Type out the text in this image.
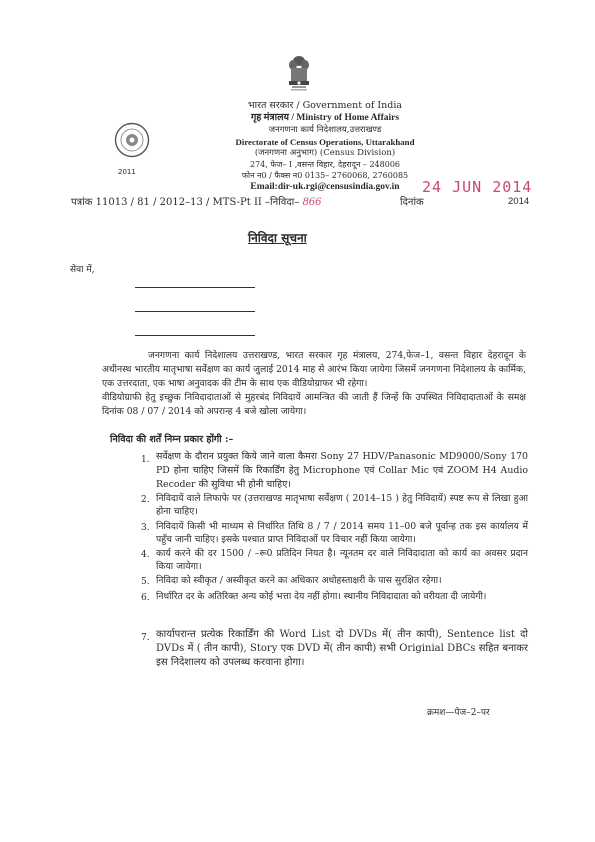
भारत सरकार / Government of India
गृह मंत्रालय / Ministry of Home Affairs
जनगणना कार्य निदेशालय,उत्तराखण्ड
Directorate of Census Operations, Uttarakhand
(जनगणना अनुभाग) (Census Division)
274, फेज– I ,वसन्त विहार, देहरादून – 248006
फोन न0 / फैक्स न0 0135– 2760068, 2760085
Email:dir-uk.rgi@censusindia.gov.in
2011
24 JUN 2014
पत्रांक 11013 / 81 / 2012–13 / MTS-Pt II –निविदा– 866	दिनांक	2014
निविदा सूचना
सेवा में,
जनगणना कार्य निदेशालय उत्तराखण्ड, भारत सरकार गृह मंत्रालय, 274,फेज–1, वसन्त विहार देहरादून के अधीनस्थ भारतीय मातृभाषा सर्वेक्षण का कार्य जुलाई 2014 माह से आरंभ किया जायेगा जिसमें जनगणना निदेशालय के कार्मिक, एक उत्तरदाता, एक भाषा अनुवादक की टीम के साथ एक वीडियोग्राफर भी रहेगा।
वीडियोग्राफी हेतु इच्छुक निविदादाताओं से मुहरबंद निविदायें आमन्त्रित की जाती हैं जिन्हें कि उपस्थित निविदादाताओं के समक्ष दिनांक 08 / 07 / 2014 को अपरान्ह 4 बजे खोला जायेगा।
निविदा की शर्तें निम्न प्रकार होंगी :–
1. सर्वेक्षण के दौरान प्रयुक्त किये जाने वाला कैमरा Sony 27 HDV/Panasonic MD9000/Sony 170 PD होना चाहिए जिसमें कि रिकार्डिंग हेतु Microphone एवं Collar Mic एवं ZOOM H4 Audio Recoder की सुविधा भी होनी चाहिए।
2. निविदायें वाले लिफाफे पर (उत्तराखण्ड मातृभाषा सर्वेक्षण ( 2014–15 ) हेतु निविदायें) स्पष्ट रूप से लिखा हुआ होना चाहिए।
3. निविदायें किसी भी माध्यम से निर्धारित तिथि 8 / 7 / 2014 समय 11–00 बजे पूर्वान्ह तक इस कार्यालय में पहुँच जानी चाहिए। इसके पश्चात प्राप्त निविदाओं पर विचार नहीं किया जायेगा।
4. कार्य करने की दर 1500 / –रू0 प्रतिदिन नियत है। न्यूनतम दर वाले निविदादाता को कार्य का अवसर प्रदान किया जायेगा।
5. निविदा को स्वीकृत / अस्वीकृत करने का अधिकार अधोहस्ताक्षरी के पास सुरक्षित रहेगा।
6. निर्धारित दर के अतिरिक्त अन्य कोई भत्ता देय नहीं होगा। स्थानीय निविदादाता को वरीयता दी जायेगी।
7. कार्यापरान्त प्रत्येक रिकार्डिंग की Word List दो DVDs में( तीन कापी), Sentence list दो DVDs में ( तीन कापी), Story एक DVD में( तीन कापी) सभी Originial DBCs सहित बनाकर इस निदेशालय को उपलब्ध करवाना होगा।
क्रमश—पेज–2–पर
